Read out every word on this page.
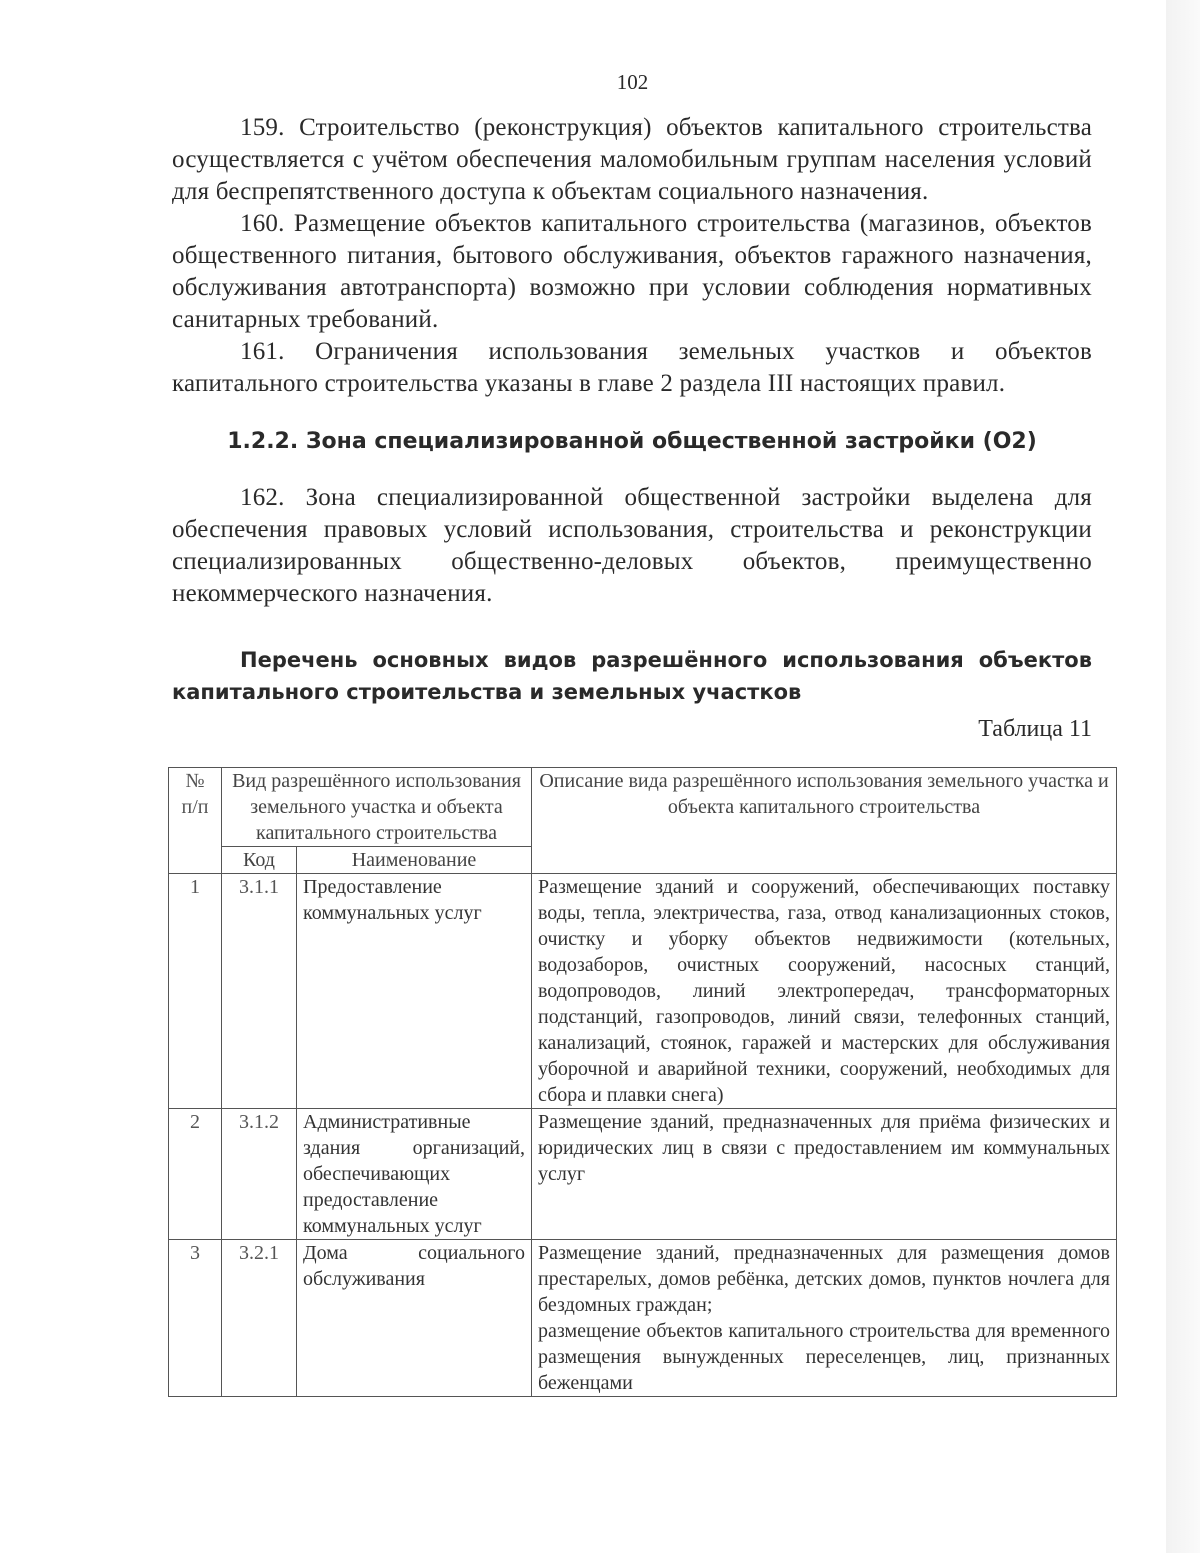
102

159. Строительство (реконструкция) объектов капитального строительства осуществляется с учётом обеспечения маломобильным группам населения условий для беспрепятственного доступа к объектам социального назначения.

160. Размещение объектов капитального строительства (магазинов, объектов общественного питания, бытового обслуживания, объектов гаражного назначения, обслуживания автотранспорта) возможно при условии соблюдения нормативных санитарных требований.

161. Ограничения использования земельных участков и объектов капитального строительства указаны в главе 2 раздела III настоящих правил.

1.2.2. Зона специализированной общественной застройки (О2)

162. Зона специализированной общественной застройки выделена для обеспечения правовых условий использования, строительства и реконструкции специализированных общественно-деловых объектов, преимущественно некоммерческого назначения.

Перечень основных видов разрешённого использования объектов капитального строительства и земельных участков

Таблица 11
№ п/п	Вид разрешённого использования земельного участка и объекта капитального строительства		Описание вида разрешённого использования земельного участка и объекта капитального строительства
	Код	Наименование	
1	3.1.1	Предоставление коммунальных услуг	Размещение зданий и сооружений, обеспечивающих поставку воды, тепла, электричества, газа, отвод канализационных стоков, очистку и уборку объектов недвижимости (котельных, водозаборов, очистных сооружений, насосных станций, водопроводов, линий электропередач, трансформаторных подстанций, газопроводов, линий связи, телефонных станций, канализаций, стоянок, гаражей и мастерских для обслуживания уборочной и аварийной техники, сооружений, необходимых для сбора и плавки снега)

2	3.1.2	Административные здания организаций, обеспечивающих предоставление коммунальных услуг	Размещение зданий, предназначенных для приёма физических и юридических лиц в связи с предоставлением им коммунальных услуг

3	3.2.1	Дома социального обслуживания	Размещение зданий, предназначенных для размещения домов престарелых, домов ребёнка, детских домов, пунктов ночлега для бездомных граждан;
размещение объектов капитального строительства для временного размещения вынужденных переселенцев, лиц, признанных беженцами
